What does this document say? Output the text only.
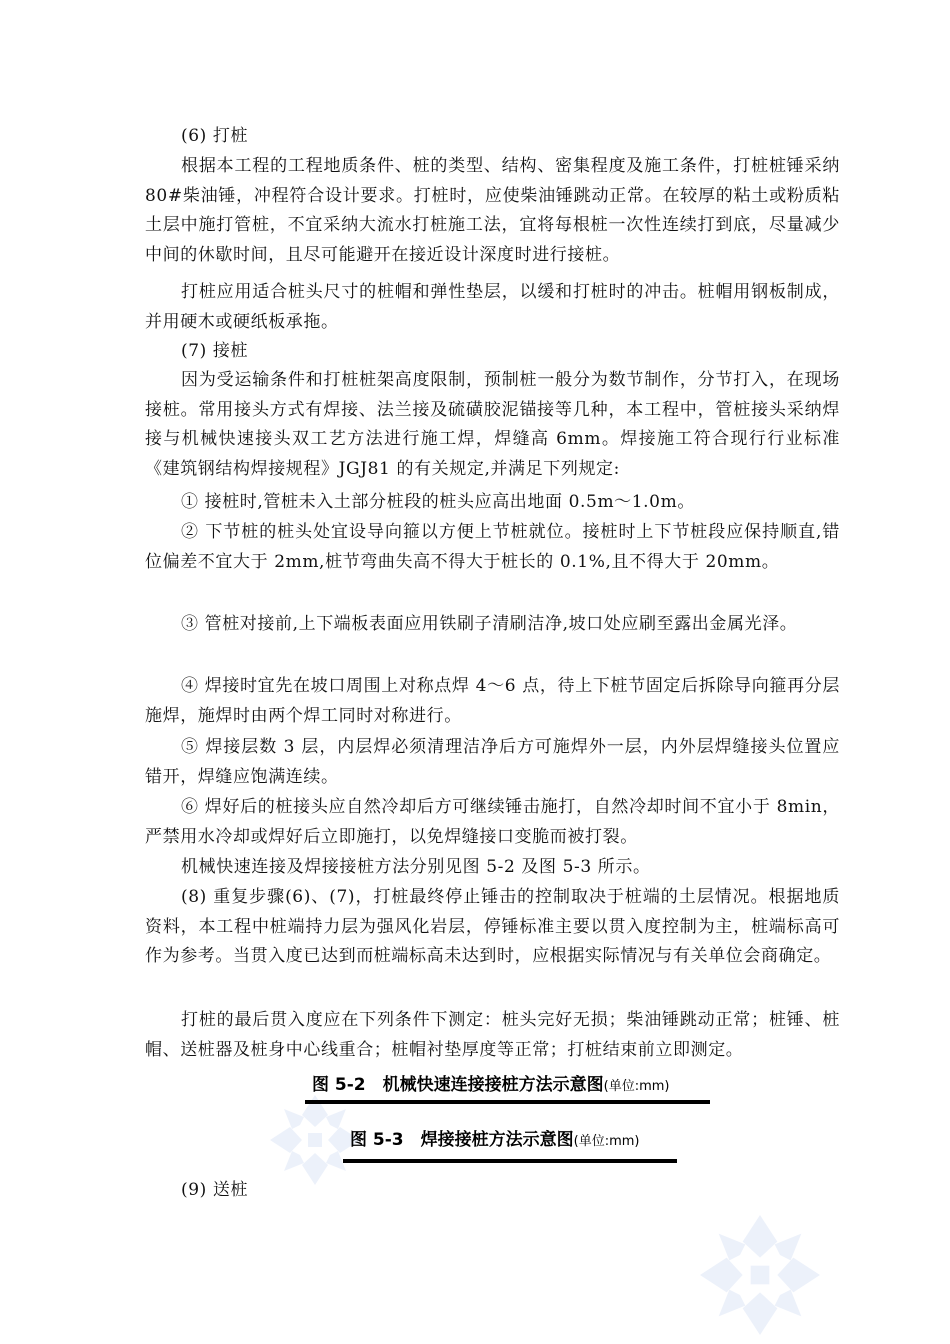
(6) 打桩

根据本工程的工程地质条件、桩的类型、结构、密集程度及施工条件，打桩桩锤采纳 80#柴油锤，冲程符合设计要求。打桩时，应使柴油锤跳动正常。在较厚的粘土或粉质粘土层中施打管桩，不宜采纳大流水打桩施工法，宜将每根桩一次性连续打到底，尽量减少中间的休歇时间，且尽可能避开在接近设计深度时进行接桩。

打桩应用适合桩头尺寸的桩帽和弹性垫层，以缓和打桩时的冲击。桩帽用钢板制成，并用硬木或硬纸板承拖。

(7) 接桩

因为受运输条件和打桩桩架高度限制，预制桩一般分为数节制作，分节打入，在现场接桩。常用接头方式有焊接、法兰接及硫磺胶泥锚接等几种，本工程中，管桩接头采纳焊接与机械快速接头双工艺方法进行施工焊，焊缝高 6mm。焊接施工符合现行行业标准《建筑钢结构焊接规程》JGJ81 的有关规定,并满足下列规定:

① 接桩时,管桩未入土部分桩段的桩头应高出地面 0.5m～1.0m。

② 下节桩的桩头处宜设导向箍以方便上节桩就位。接桩时上下节桩段应保持顺直,错位偏差不宜大于 2mm,桩节弯曲失高不得大于桩长的 0.1%,且不得大于 20mm。

③ 管桩对接前,上下端板表面应用铁刷子清刷洁净,坡口处应刷至露出金属光泽。

④ 焊接时宜先在坡口周围上对称点焊 4～6 点，待上下桩节固定后拆除导向箍再分层施焊，施焊时由两个焊工同时对称进行。

⑤ 焊接层数 3 层，内层焊必须清理洁净后方可施焊外一层，内外层焊缝接头位置应错开，焊缝应饱满连续。

⑥ 焊好后的桩接头应自然冷却后方可继续锤击施打，自然冷却时间不宜小于 8min，严禁用水冷却或焊好后立即施打，以免焊缝接口变脆而被打裂。

机械快速连接及焊接接桩方法分别见图 5-2 及图 5-3 所示。

(8) 重复步骤(6)、(7)，打桩最终停止锤击的控制取决于桩端的土层情况。根据地质资料，本工程中桩端持力层为强风化岩层，停锤标准主要以贯入度控制为主，桩端标高可作为参考。当贯入度已达到而桩端标高未达到时，应根据实际情况与有关单位会商确定。

打桩的最后贯入度应在下列条件下测定：桩头完好无损；柴油锤跳动正常；桩锤、桩帽、送桩器及桩身中心线重合；桩帽衬垫厚度等正常；打桩结束前立即测定。

图 5-2　机械快速连接接桩方法示意图(单位:mm)
图 5-3　焊接接桩方法示意图(单位:mm)

(9) 送桩
